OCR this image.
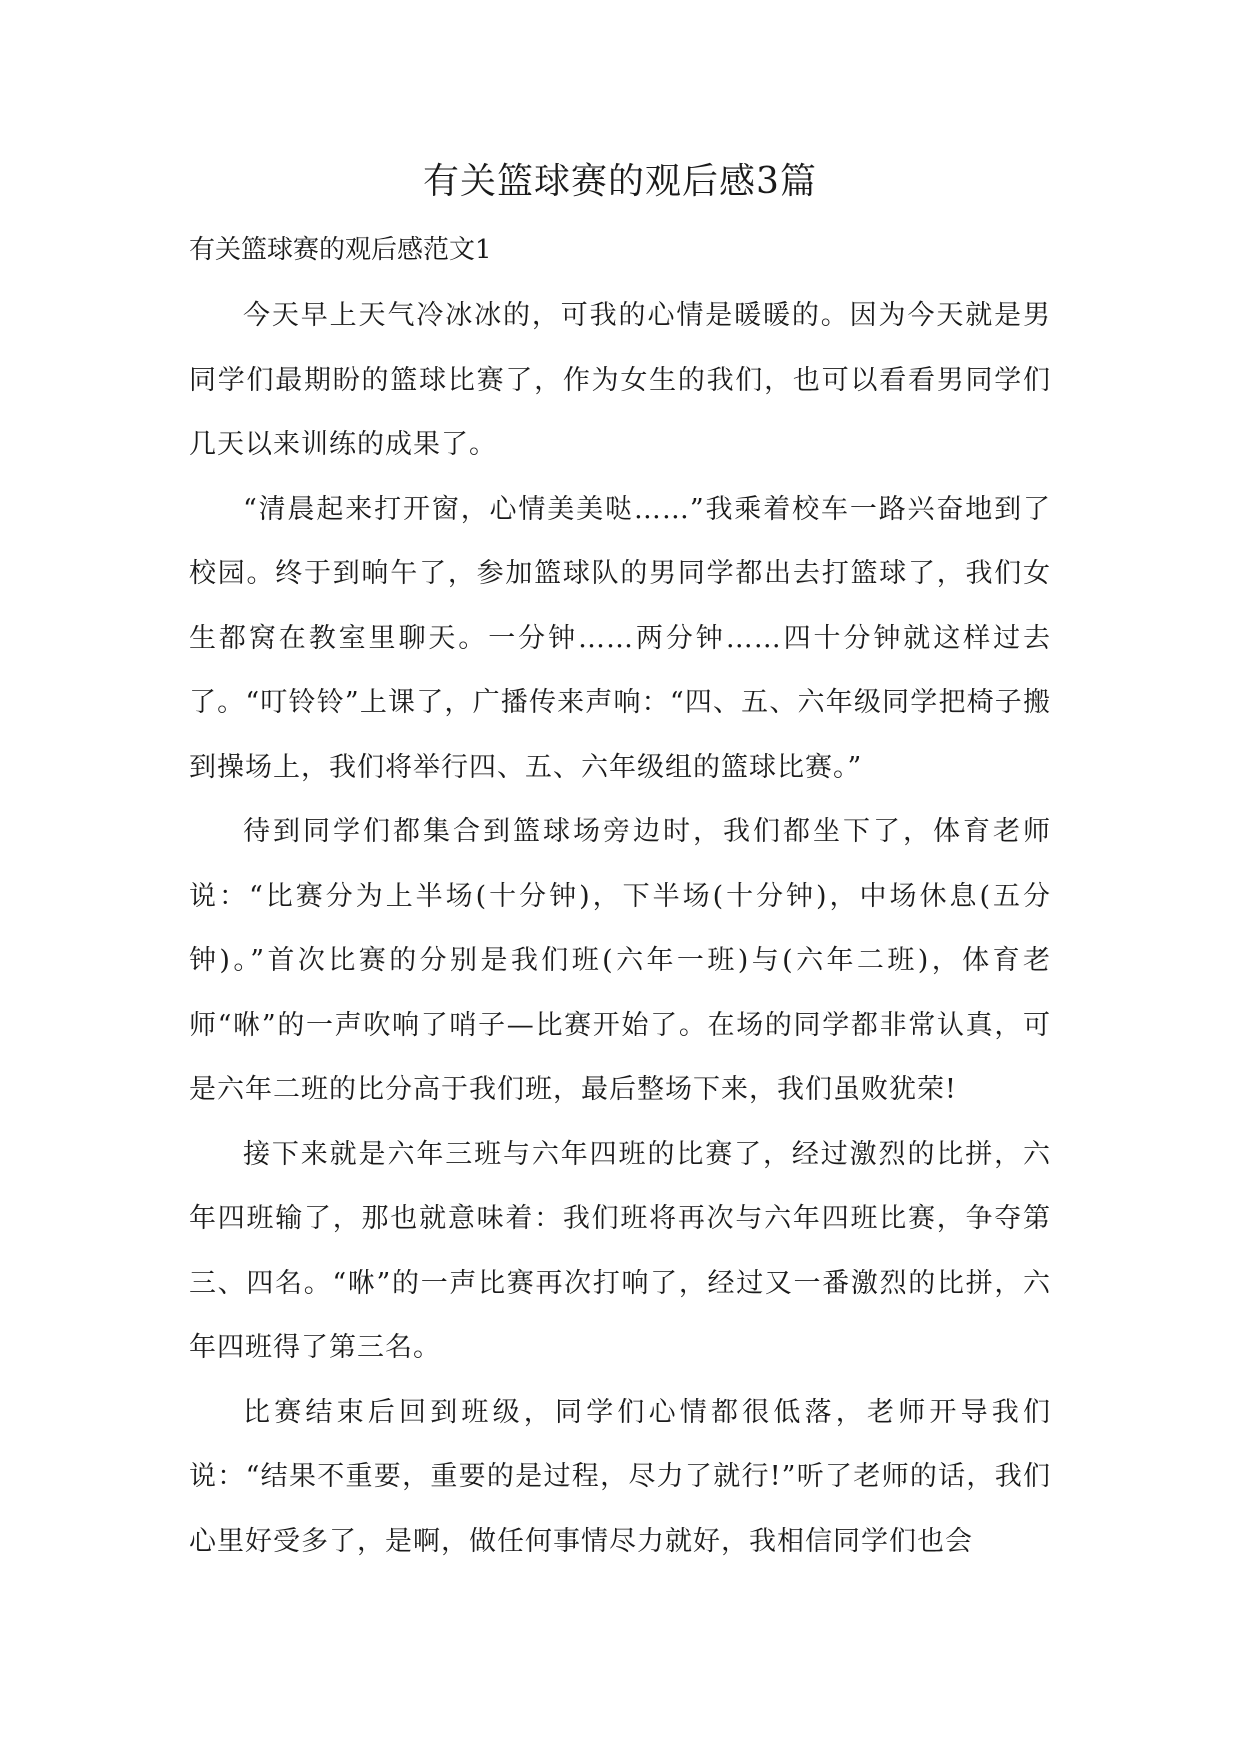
有关篮球赛的观后感3篇
有关篮球赛的观后感范文1

今天早上天气冷冰冰的，可我的心情是暖暖的。因为今天就是男同学们最期盼的篮球比赛了，作为女生的我们，也可以看看男同学们几天以来训练的成果了。

“清晨起来打开窗，心情美美哒……”我乘着校车一路兴奋地到了校园。终于到晌午了，参加篮球队的男同学都出去打篮球了，我们女生都窝在教室里聊天。一分钟……两分钟……四十分钟就这样过去了。“叮铃铃”上课了，广播传来声响：“四、五、六年级同学把椅子搬到操场上，我们将举行四、五、六年级组的篮球比赛。”

待到同学们都集合到篮球场旁边时，我们都坐下了，体育老师说：“比赛分为上半场(十分钟)，下半场(十分钟)，中场休息(五分钟)。”首次比赛的分别是我们班(六年一班)与(六年二班)，体育老师“咻”的一声吹响了哨子—比赛开始了。在场的同学都非常认真，可是六年二班的比分高于我们班，最后整场下来，我们虽败犹荣!

接下来就是六年三班与六年四班的比赛了，经过激烈的比拼，六年四班输了，那也就意味着：我们班将再次与六年四班比赛，争夺第三、四名。“咻”的一声比赛再次打响了，经过又一番激烈的比拼，六年四班得了第三名。

比赛结束后回到班级，同学们心情都很低落，老师开导我们说：“结果不重要，重要的是过程，尽力了就行!”听了老师的话，我们心里好受多了，是啊，做任何事情尽力就好，我相信同学们也会
